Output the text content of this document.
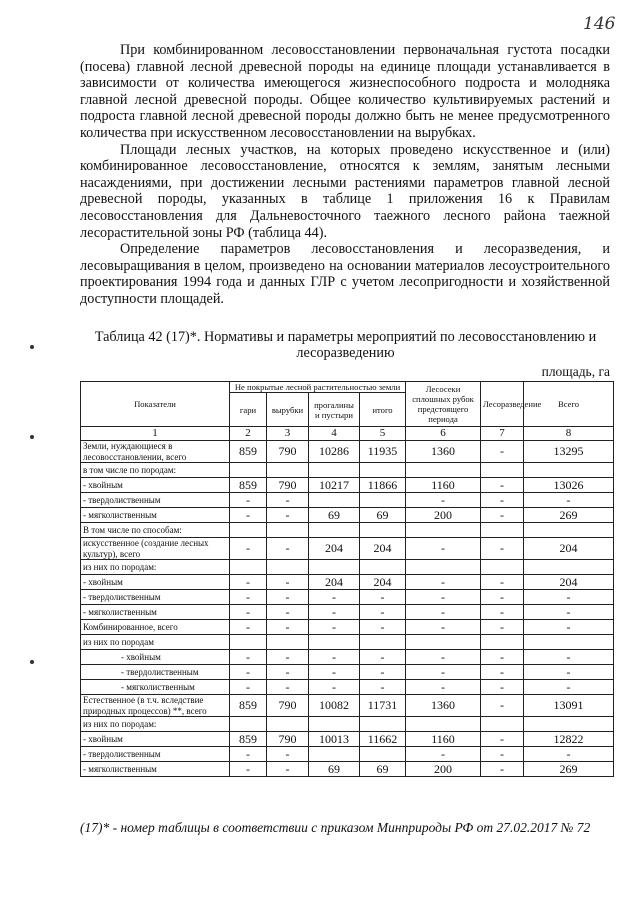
146

При комбинированном лесовосстановлении первоначальная густота посадки (посева) главной лесной древесной породы на единице площади устанавливается в зависимости от количества имеющегося жизнеспособного подроста и молодняка главной лесной древесной породы. Общее количество культивируемых растений и подроста главной лесной древесной породы должно быть не менее предусмотренного количества при искусственном лесовосстановлении на вырубках.

Площади лесных участков, на которых проведено искусственное и (или) комбинированное лесовосстановление, относятся к землям, занятым лесными насаждениями, при достижении лесными растениями параметров главной лесной древесной породы, указанных в таблице 1 приложения 16 к Правилам лесовосстановления для Дальневосточного таежного лесного района таежной лесорастительной зоны РФ (таблица 44).

Определение параметров лесовосстановления и лесоразведения, и лесовыращивания в целом, произведено на основании материалов лесоустроительного проектирования 1994 года и данных ГЛР с учетом лесопригодности и хозяйственной доступности площадей.

Таблица 42 (17)*. Нормативы и параметры мероприятий по лесовосстановлению и лесоразведению
площадь, га
Показатели	Не покрытые лесной растительностью земли				Лесосеки сплошных рубок предстоящего периода	Лесоразведение	Всего
	гари	вырубки	прогалины и пустыри	итого			
1	2	3	4	5	6	7	8
Земли, нуждающиеся в лесовосстановлении, всего	859	790	10286	11935	1360	-	13295
в том числе по породам:							
- хвойным	859	790	10217	11866	1160	-	13026
- твердолиственным	-	-			-	-	-
- мягколиственным	-	-	69	69	200	-	269
В том числе по способам:							
искусственное (создание лесных культур), всего	-	-	204	204	-	-	204
из них по породам:							
- хвойным	-	-	204	204	-	-	204
- твердолиственным	-	-	-	-	-	-	-
- мягколиственным	-	-	-	-	-	-	-
Комбинированное, всего	-	-	-	-	-	-	-
из них по породам							
- хвойным	-	-	-	-	-	-	-
- твердолиственным	-	-	-	-	-	-	-
- мягколиственным	-	-	-	-	-	-	-
Естественное (в т.ч. вследствие природных процессов) **, всего	859	790	10082	11731	1360	-	13091
из них по породам:							
- хвойным	859	790	10013	11662	1160	-	12822
- твердолиственным	-	-			-	-	-
- мягколиственным	-	-	69	69	200	-	269
(17)* - номер таблицы в соответствии с приказом Минприроды РФ от 27.02.2017 № 72
